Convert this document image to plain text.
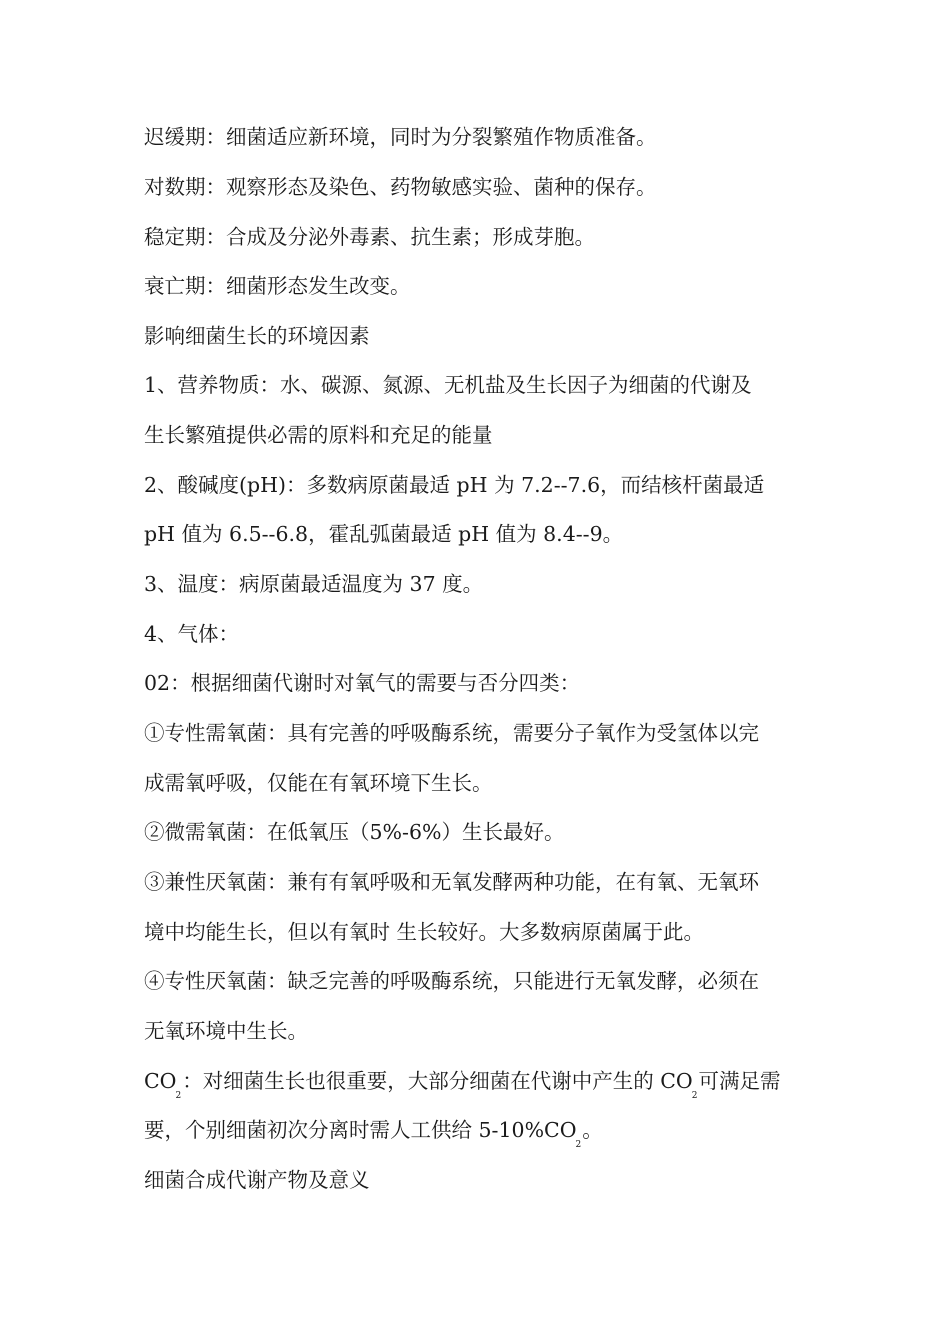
迟缓期：细菌适应新环境，同时为分裂繁殖作物质准备。
对数期：观察形态及染色、药物敏感实验、菌种的保存。
稳定期：合成及分泌外毒素、抗生素；形成芽胞。
衰亡期：细菌形态发生改变。
影响细菌生长的环境因素
1、营养物质：水、碳源、氮源、无机盐及生长因子为细菌的代谢及
生长繁殖提供必需的原料和充足的能量
2、酸碱度(pH)：多数病原菌最适 pH 为 7.2--7.6，而结核杆菌最适
pH 值为 6.5--6.8，霍乱弧菌最适 pH 值为 8.4--9。
3、温度：病原菌最适温度为 37 度。
4、气体：
02：根据细菌代谢时对氧气的需要与否分四类：
①专性需氧菌：具有完善的呼吸酶系统，需要分子氧作为受氢体以完
成需氧呼吸，仅能在有氧环境下生长。
②微需氧菌：在低氧压（5%-6%）生长最好。
③兼性厌氧菌：兼有有氧呼吸和无氧发酵两种功能，在有氧、无氧环
境中均能生长，但以有氧时 生长较好。大多数病原菌属于此。
④专性厌氧菌：缺乏完善的呼吸酶系统，只能进行无氧发酵，必须在
无氧环境中生长。
$CO_2$：对细菌生长也很重要，大部分细菌在代谢中产生的 $CO_2$可满足需
要，个别细菌初次分离时需人工供给 $5-10\%CO_2$。
细菌合成代谢产物及意义
